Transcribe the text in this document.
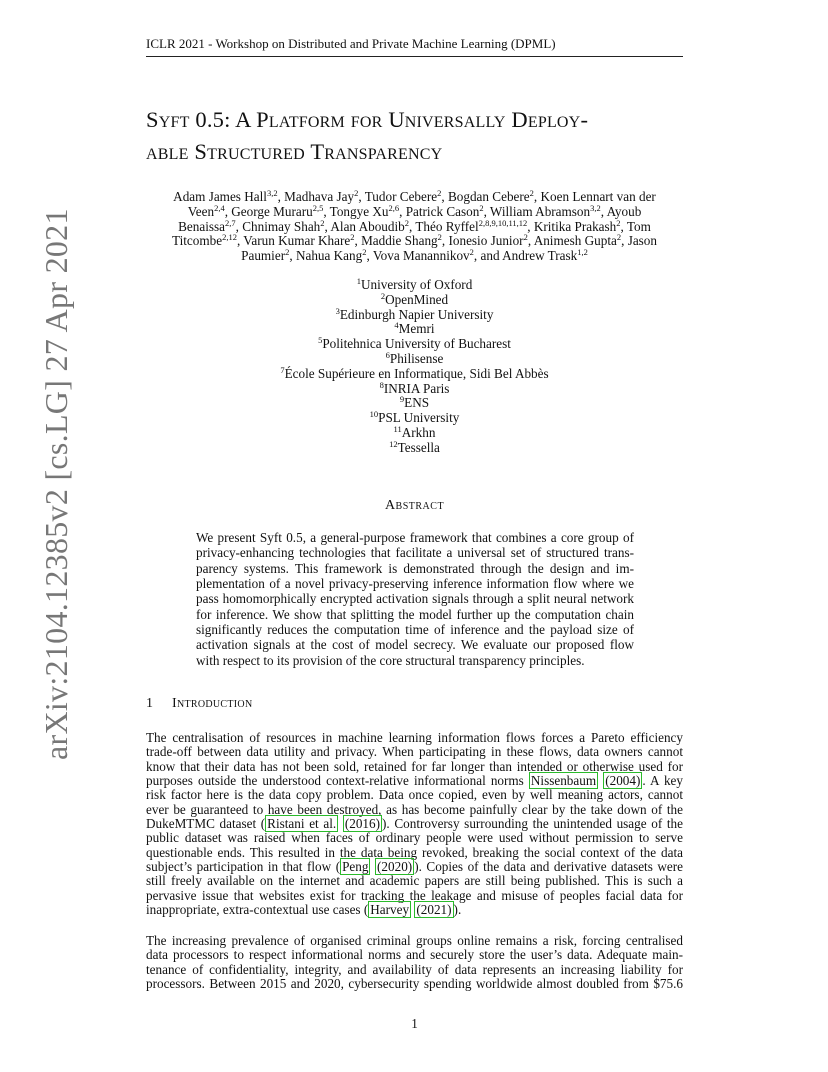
ICLR 2021 - Workshop on Distributed and Private Machine Learning (DPML)
arXiv:2104.12385v2 [cs.LG] 27 Apr 2021
Syft 0.5: A Platform for Universally Deploy-
able Structured Transparency
Adam James Hall$^{3,2}$, Madhava Jay$^2$, Tudor Cebere$^2$, Bogdan Cebere$^2$, Koen Lennart van der
Veen$^{2,4}$, George Muraru$^{2,5}$, Tongye Xu$^{2,6}$, Patrick Cason$^2$, William Abramson$^{3,2}$, Ayoub
Benaissa$^{2,7}$, Chnimay Shah$^2$, Alan Aboudib$^2$, Théo Ryffel$^{2,8,9,10,11,12}$, Kritika Prakash$^2$, Tom
Titcombe$^{2,12}$, Varun Kumar Khare$^2$, Maddie Shang$^2$, Ionesio Junior$^2$, Animesh Gupta$^2$, Jason
Paumier$^2$, Nahua Kang$^2$, Vova Manannikov$^2$, and Andrew Trask$^{1,2}$
$^1$University of Oxford
$^2$OpenMined
$^3$Edinburgh Napier University
$^4$Memri
$^5$Politehnica University of Bucharest
$^6$Philisense
$^7$École Supérieure en Informatique, Sidi Bel Abbès
$^8$INRIA Paris
$^9$ENS
$^{10}$PSL University
$^{11}$Arkhn
$^{12}$Tessella
Abstract
We present Syft 0.5, a general-purpose framework that combines a core group of
privacy-enhancing technologies that facilitate a universal set of structured trans-
parency systems. This framework is demonstrated through the design and im-
plementation of a novel privacy-preserving inference information flow where we
pass homomorphically encrypted activation signals through a split neural network
for inference. We show that splitting the model further up the computation chain
significantly reduces the computation time of inference and the payload size of
activation signals at the cost of model secrecy. We evaluate our proposed flow
with respect to its provision of the core structural transparency principles.
1 Introduction
The centralisation of resources in machine learning information flows forces a Pareto efficiency
trade-off between data utility and privacy. When participating in these flows, data owners cannot
know that their data has not been sold, retained for far longer than intended or otherwise used for
purposes outside the understood context-relative informational norms Nissenbaum (2004) . A key
risk factor here is the data copy problem. Data once copied, even by well meaning actors, cannot
ever be guaranteed to have been destroyed, as has become painfully clear by the take down of the
DukeMTMC dataset ( Ristani et al. (2016) ). Controversy surrounding the unintended usage of the
public dataset was raised when faces of ordinary people were used without permission to serve
questionable ends. This resulted in the data being revoked, breaking the social context of the data
subject’s participation in that flow ( Peng (2020) ). Copies of the data and derivative datasets were
still freely available on the internet and academic papers are still being published. This is such a
pervasive issue that websites exist for tracking the leakage and misuse of peoples facial data for
inappropriate, extra-contextual use cases ( Harvey (2021) ).
The increasing prevalence of organised criminal groups online remains a risk, forcing centralised
data processors to respect informational norms and securely store the user’s data. Adequate main-
tenance of confidentiality, integrity, and availability of data represents an increasing liability for
processors. Between 2015 and 2020, cybersecurity spending worldwide almost doubled from $75.6
1
